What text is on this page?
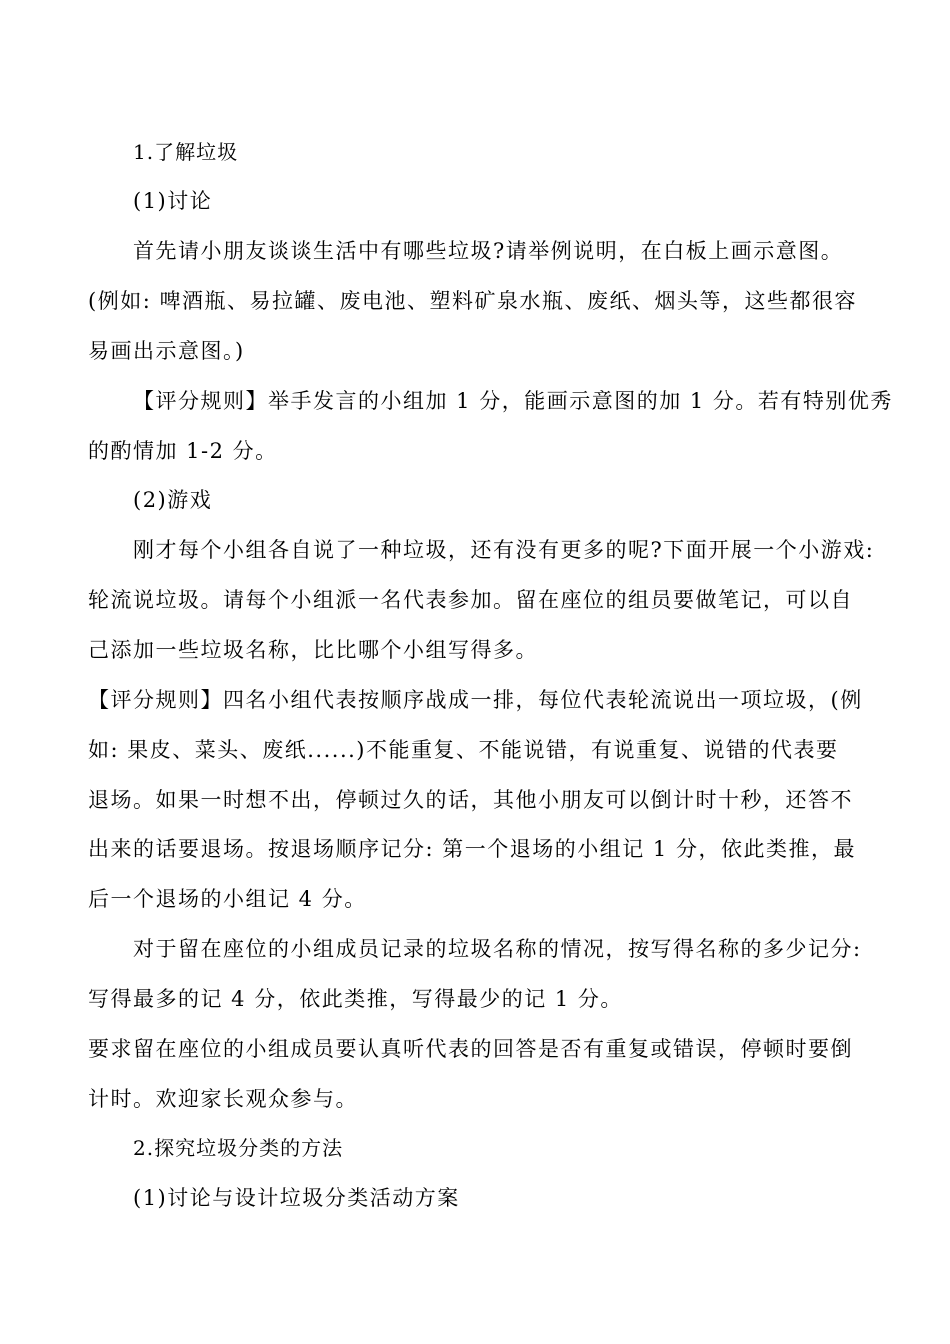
1.了解垃圾
(1)讨论
首先请小朋友谈谈生活中有哪些垃圾?请举例说明，在白板上画示意图。
(例如: 啤酒瓶、易拉罐、废电池、塑料矿泉水瓶、废纸、烟头等，这些都很容
易画出示意图。)
【评分规则】举手发言的小组加 1 分，能画示意图的加 1 分。若有特别优秀
的酌情加 1-2 分。
(2)游戏
刚才每个小组各自说了一种垃圾，还有没有更多的呢?下面开展一个小游戏:
轮流说垃圾。请每个小组派一名代表参加。留在座位的组员要做笔记，可以自
己添加一些垃圾名称，比比哪个小组写得多。
【评分规则】四名小组代表按顺序战成一排，每位代表轮流说出一项垃圾，(例
如: 果皮、菜头、废纸......)不能重复、不能说错，有说重复、说错的代表要
退场。如果一时想不出，停顿过久的话，其他小朋友可以倒计时十秒，还答不
出来的话要退场。按退场顺序记分: 第一个退场的小组记 1 分，依此类推，最
后一个退场的小组记 4 分。
对于留在座位的小组成员记录的垃圾名称的情况，按写得名称的多少记分:
写得最多的记 4 分，依此类推，写得最少的记 1 分。
要求留在座位的小组成员要认真听代表的回答是否有重复或错误，停顿时要倒
计时。欢迎家长观众参与。
2.探究垃圾分类的方法
(1)讨论与设计垃圾分类活动方案
